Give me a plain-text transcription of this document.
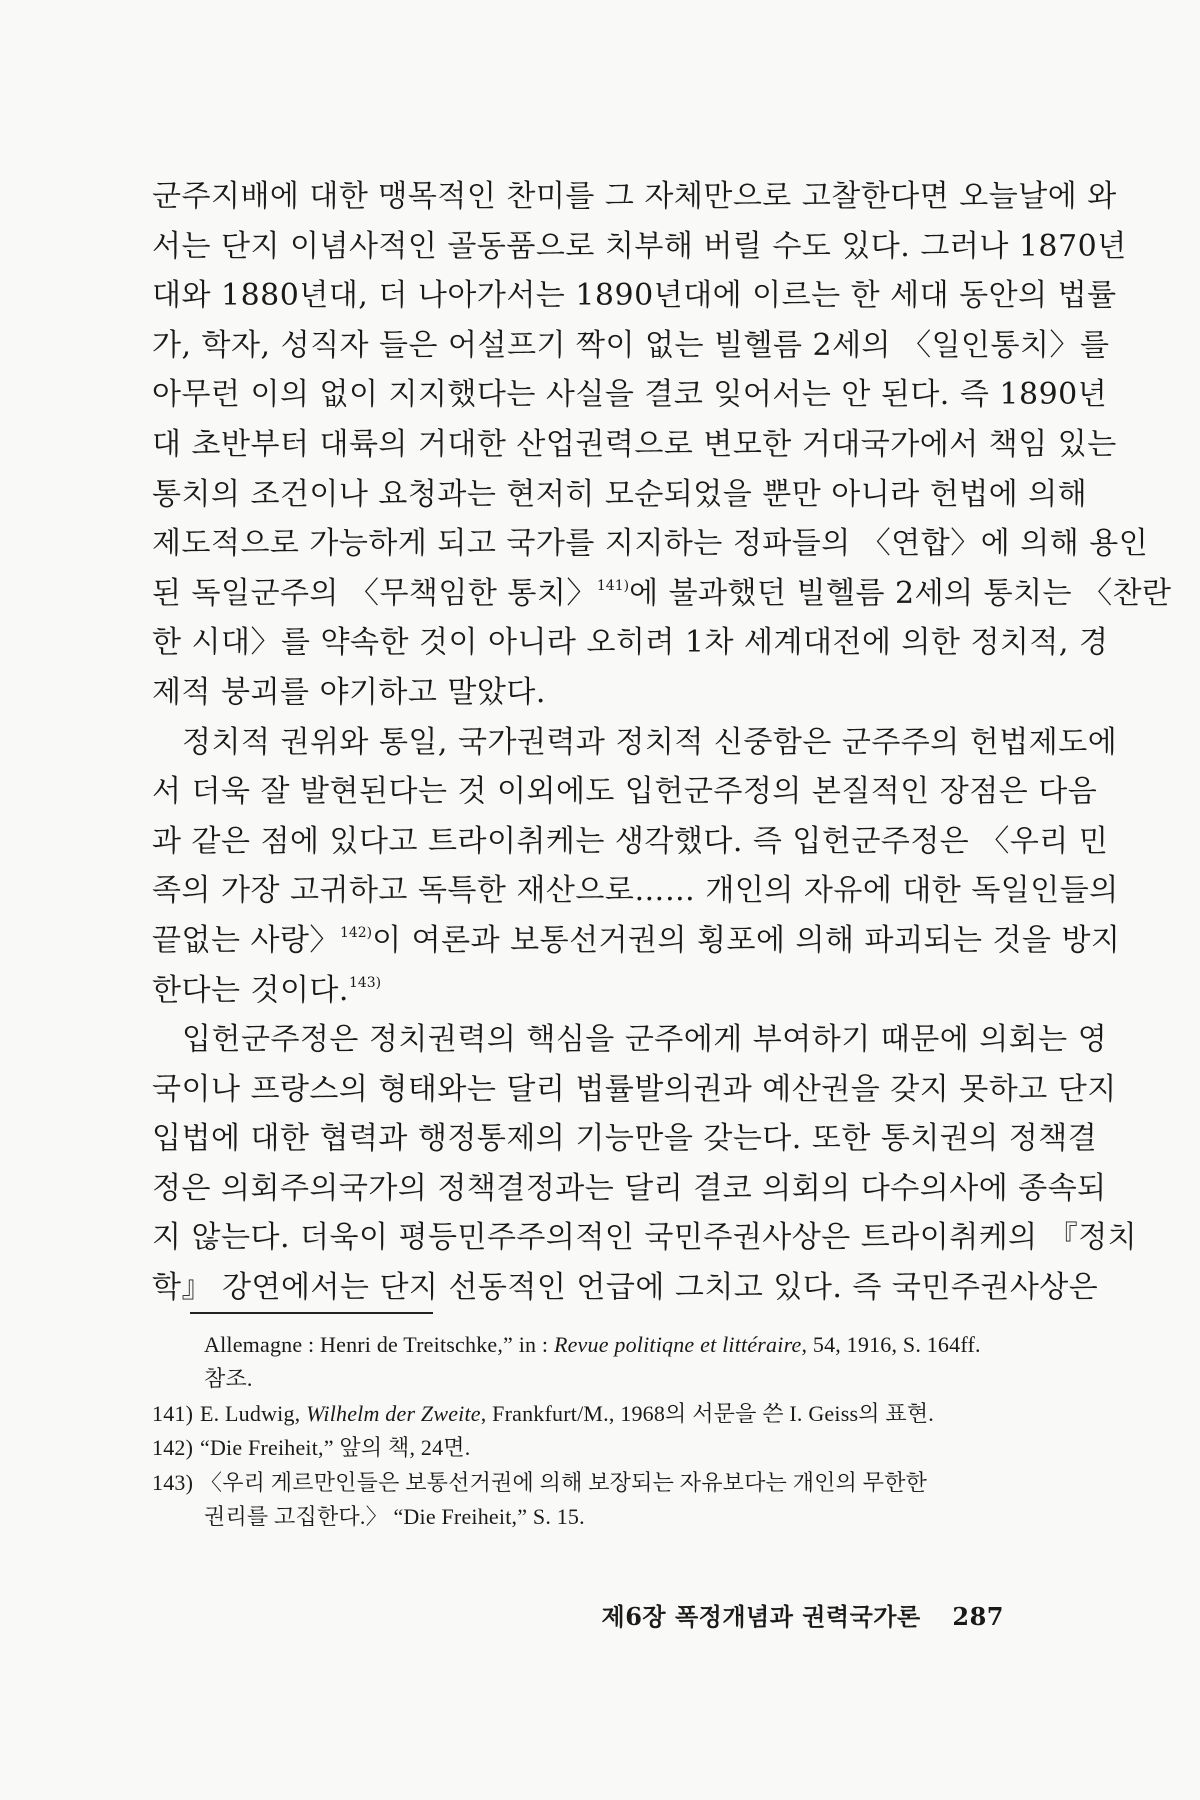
군주지배에 대한 맹목적인 찬미를 그 자체만으로 고찰한다면 오늘날에 와
서는 단지 이념사적인 골동품으로 치부해 버릴 수도 있다. 그러나 1870년
대와 1880년대, 더 나아가서는 1890년대에 이르는 한 세대 동안의 법률
가, 학자, 성직자 들은 어설프기 짝이 없는 빌헬름 2세의 〈일인통치〉를
아무런 이의 없이 지지했다는 사실을 결코 잊어서는 안 된다. 즉 1890년
대 초반부터 대륙의 거대한 산업권력으로 변모한 거대국가에서 책임 있는
통치의 조건이나 요청과는 현저히 모순되었을 뿐만 아니라 헌법에 의해
제도적으로 가능하게 되고 국가를 지지하는 정파들의 〈연합〉에 의해 용인
된 독일군주의 〈무책임한 통치〉$^{141)}$에 불과했던 빌헬름 2세의 통치는 〈찬란
한 시대〉를 약속한 것이 아니라 오히려 1차 세계대전에 의한 정치적, 경
제적 붕괴를 야기하고 말았다.
정치적 권위와 통일, 국가권력과 정치적 신중함은 군주주의 헌법제도에
서 더욱 잘 발현된다는 것 이외에도 입헌군주정의 본질적인 장점은 다음
과 같은 점에 있다고 트라이취케는 생각했다. 즉 입헌군주정은 〈우리 민
족의 가장 고귀하고 독특한 재산으로…… 개인의 자유에 대한 독일인들의
끝없는 사랑〉$^{142)}$이 여론과 보통선거권의 횡포에 의해 파괴되는 것을 방지
한다는 것이다.$^{143)}$
입헌군주정은 정치권력의 핵심을 군주에게 부여하기 때문에 의회는 영
국이나 프랑스의 형태와는 달리 법률발의권과 예산권을 갖지 못하고 단지
입법에 대한 협력과 행정통제의 기능만을 갖는다. 또한 통치권의 정책결
정은 의회주의국가의 정책결정과는 달리 결코 의회의 다수의사에 종속되
지 않는다. 더욱이 평등민주주의적인 국민주권사상은 트라이취케의 『정치
학』 강연에서는 단지 선동적인 언급에 그치고 있다. 즉 국민주권사상은
Allemagne : Henri de Treitschke,” in : Revue politiqne et littéraire, 54, 1916, S. 164ff.
참조.
141) E. Ludwig, Wilhelm der Zweite, Frankfurt/M., 1968의 서문을 쓴 I. Geiss의 표현.
142) “Die Freiheit,” 앞의 책, 24면.
143) 〈우리 게르만인들은 보통선거권에 의해 보장되는 자유보다는 개인의 무한한
권리를 고집한다.〉 “Die Freiheit,” S. 15.
제6장 폭정개념과 권력국가론 287
